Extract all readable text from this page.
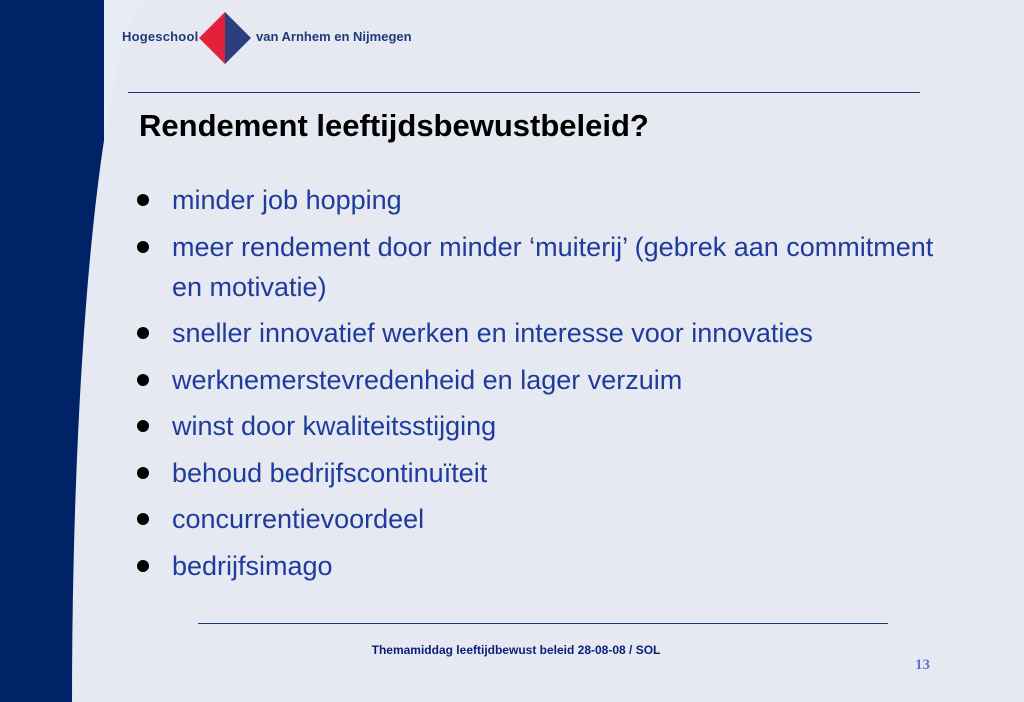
Hogeschool	van Arnhem en Nijmegen
Rendement leeftijdsbewustbeleid?
minder job hopping
meer rendement door minder ‘muiterij’ (gebrek aan commitment en motivatie)
sneller innovatief werken en interesse voor innovaties
werknemerstevredenheid en lager verzuim
winst door kwaliteitsstijging
behoud bedrijfscontinuïteit
concurrentievoordeel
bedrijfsimago
Themamiddag leeftijdbewust beleid 28-08-08 / SOL
13
